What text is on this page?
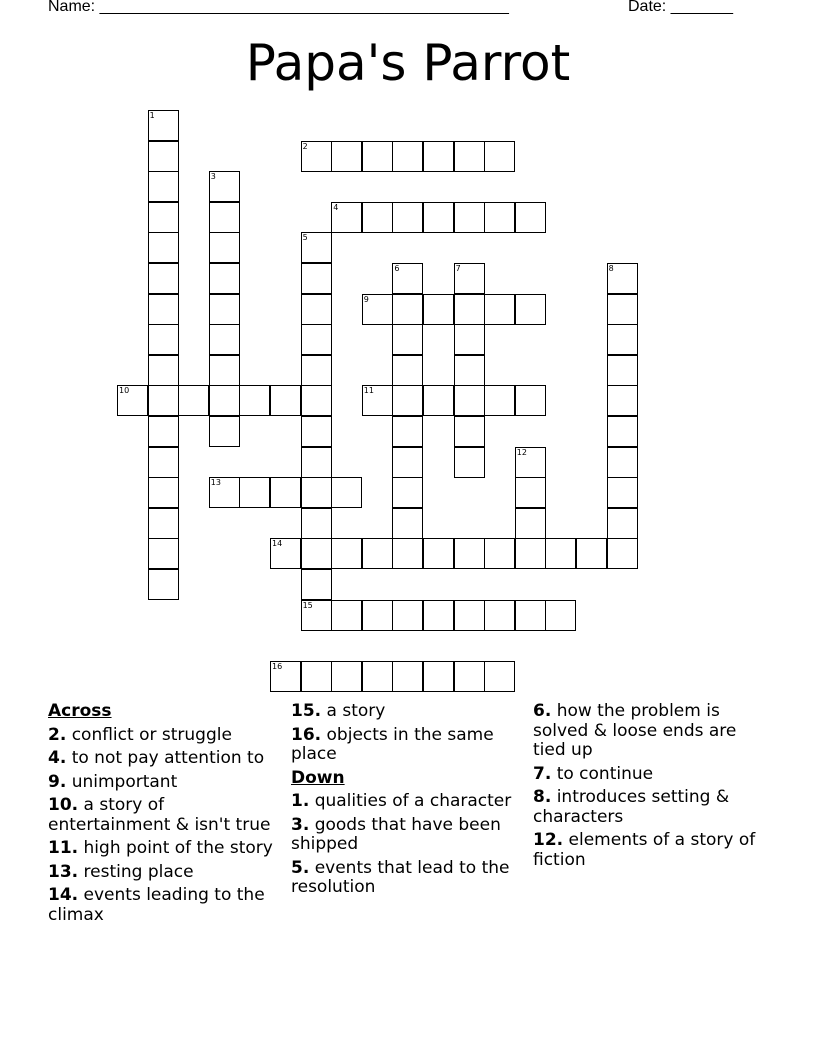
Name: ______________________________________________	Date: _______
Papa's Parrot
1
2
3
4
5
15
6	7	8
9
10	11
12
13
14
16
Across
2. conflict or struggle
4. to not pay attention to
9. unimportant
10. a story of entertainment & isn't true
11. high point of the story
13. resting place
14. events leading to the climax
15. a story
16. objects in the same place
Down
1. qualities of a character
3. goods that have been shipped
5. events that lead to the resolution
6. how the problem is solved & loose ends are tied up
7. to continue
8. introduces setting & characters
12. elements of a story of fiction
